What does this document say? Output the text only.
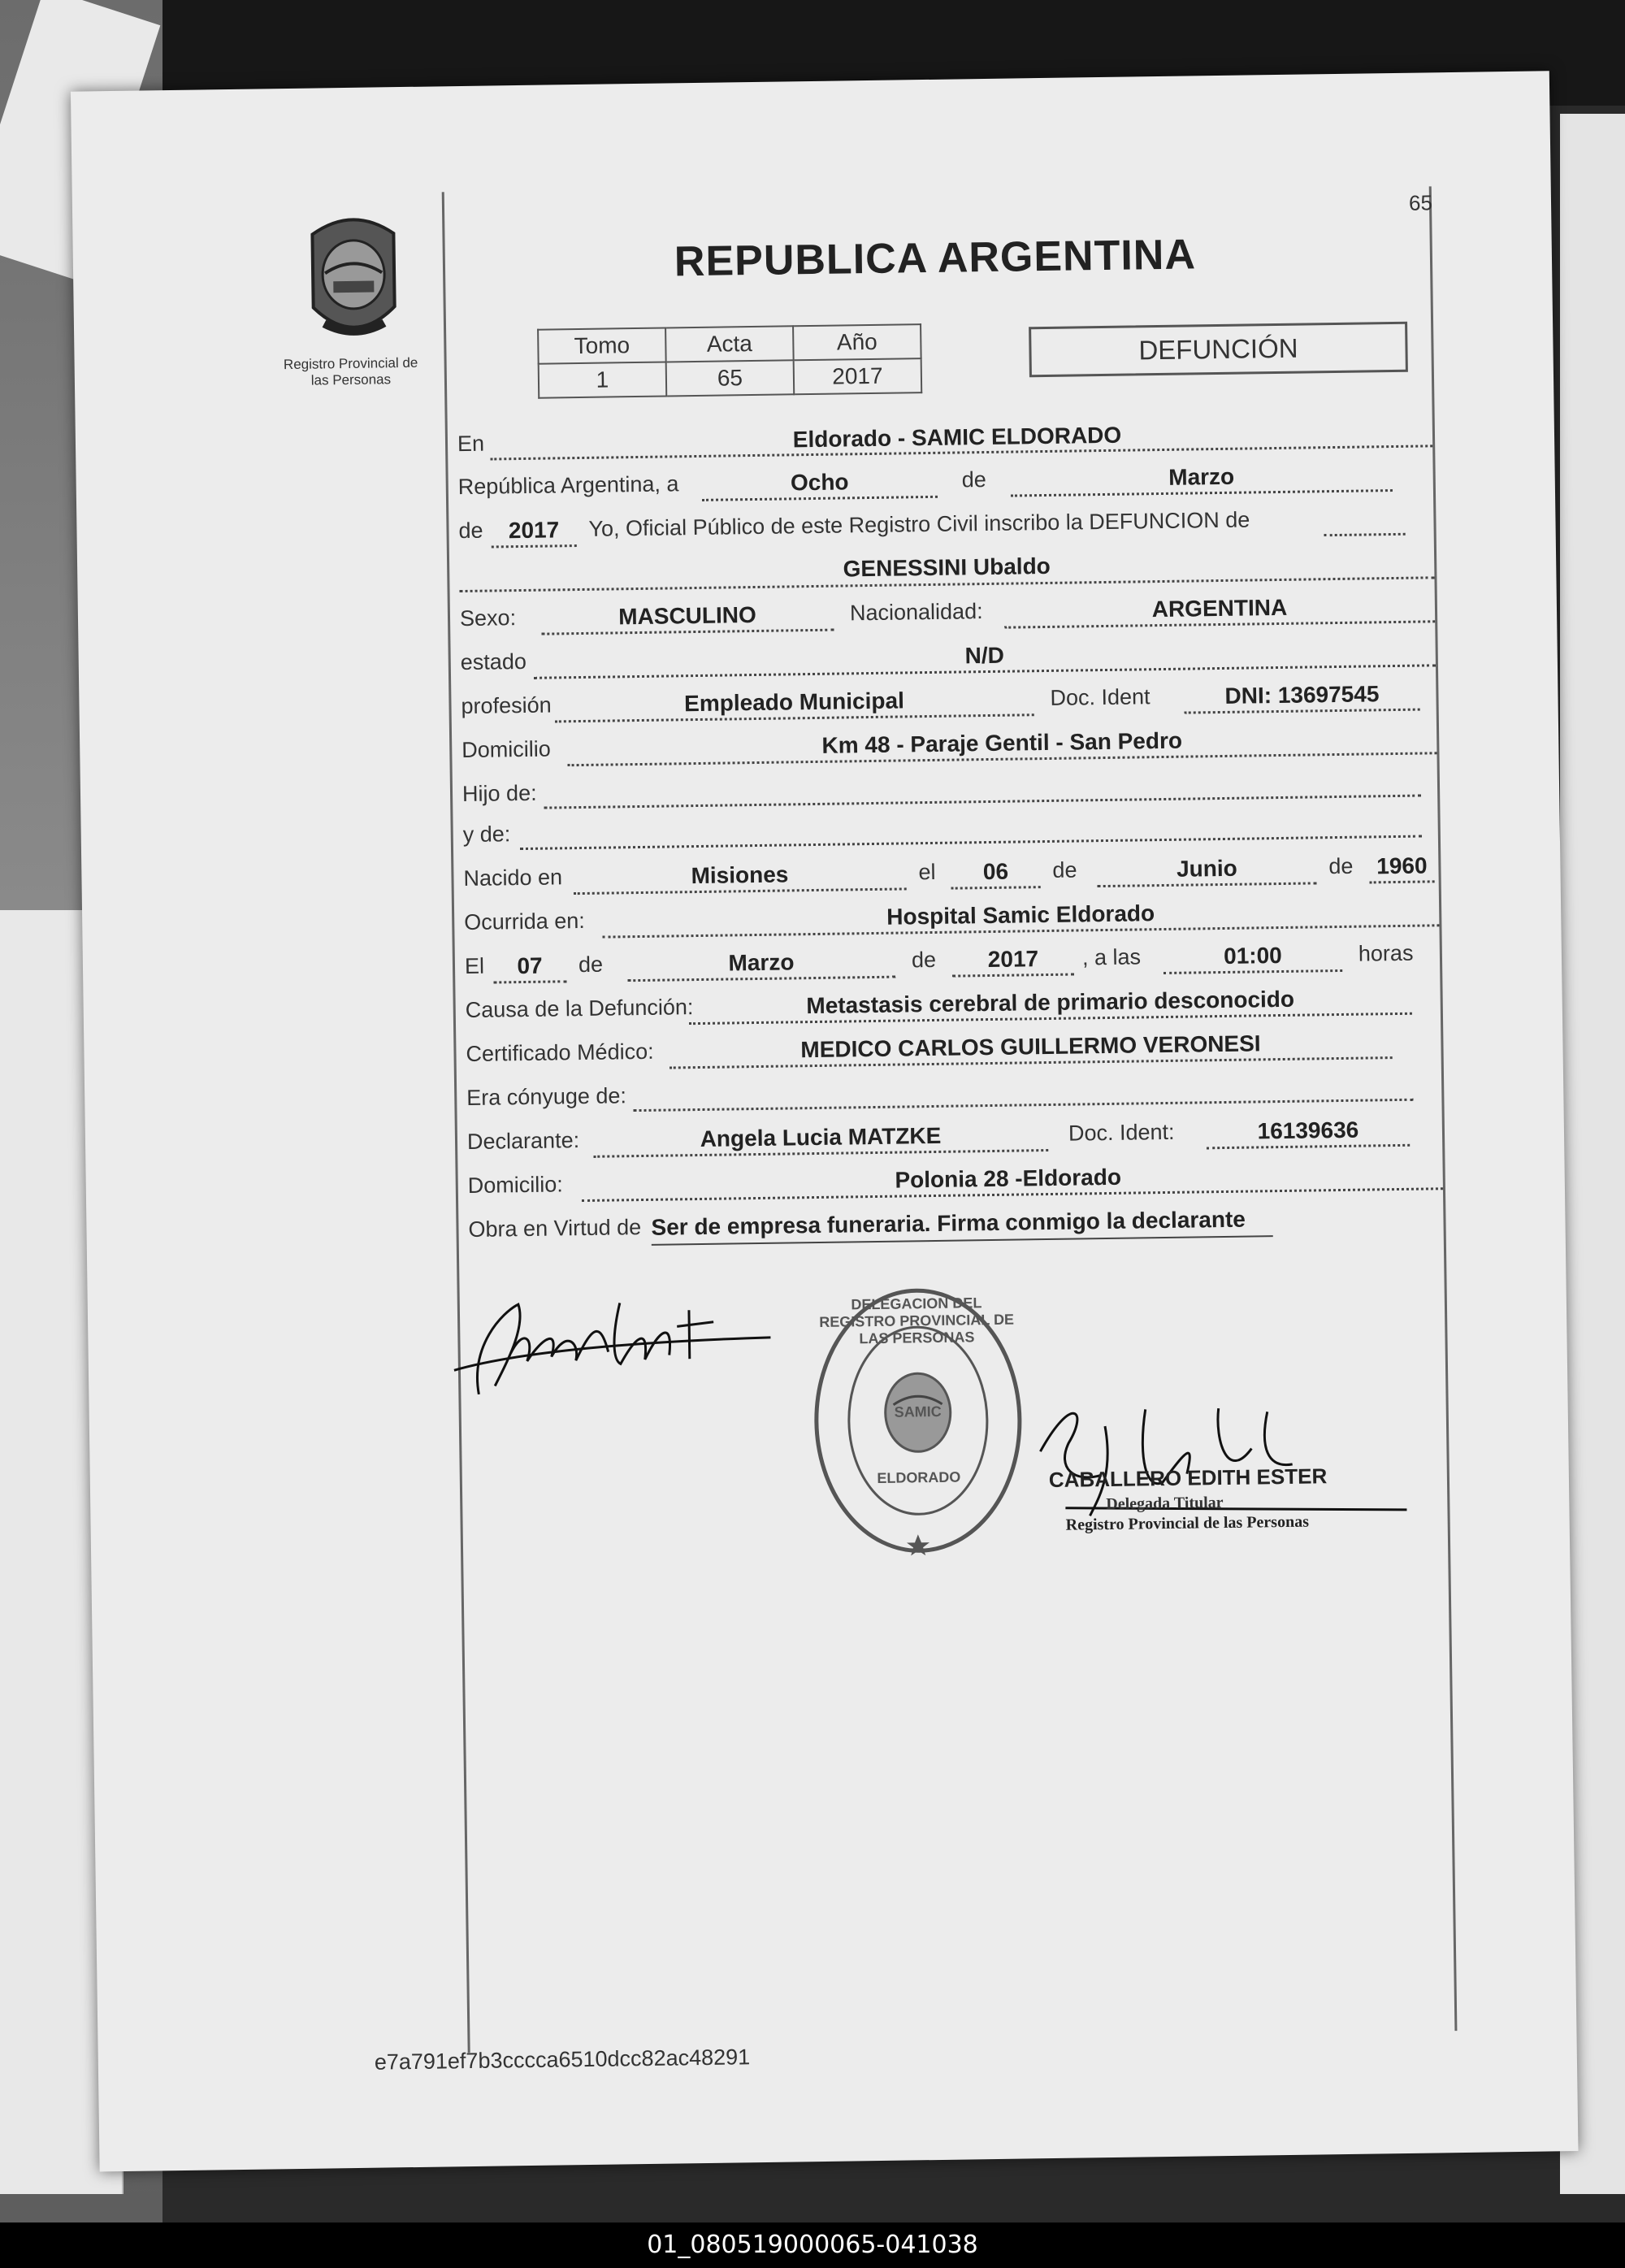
65
REPUBLICA ARGENTINA
Registro Provincial de
las Personas
Tomo	Acta	Año
1	65	2017
DEFUNCIÓN
En	Eldorado - SAMIC ELDORADO
República Argentina, a	Ocho	de	Marzo
de	2017	Yo, Oficial Público de este Registro Civil inscribo la DEFUNCION de
GENESSINI Ubaldo
Sexo:	MASCULINO	Nacionalidad:	ARGENTINA
estado	N/D
profesión	Empleado Municipal	Doc. Ident	DNI: 13697545
Domicilio	Km 48 - Paraje Gentil - San Pedro
Hijo de:
y de:
Nacido en	Misiones	el	06	de	Junio	de	1960
Ocurrida en:	Hospital Samic Eldorado
El	07	de	Marzo	de	2017	, a las	01:00	horas
Causa de la Defunción:	Metastasis cerebral de primario desconocido
Certificado Médico:	MEDICO CARLOS GUILLERMO VERONESI
Era cónyuge de:
Declarante:	Angela Lucia MATZKE	Doc. Ident:	16139636
Domicilio:	Polonia 28 -Eldorado
Obra en Virtud de Ser de empresa funeraria. Firma conmigo la declarante
DELEGACION DEL REGISTRO PROVINCIAL DE LAS PERSONAS
SAMIC
ELDORADO	CABALLERO EDITH ESTER
Delegada Titular
Registro Provincial de las Personas
e7a791ef7b3cccca6510dcc82ac48291
01_080519000065-041038
